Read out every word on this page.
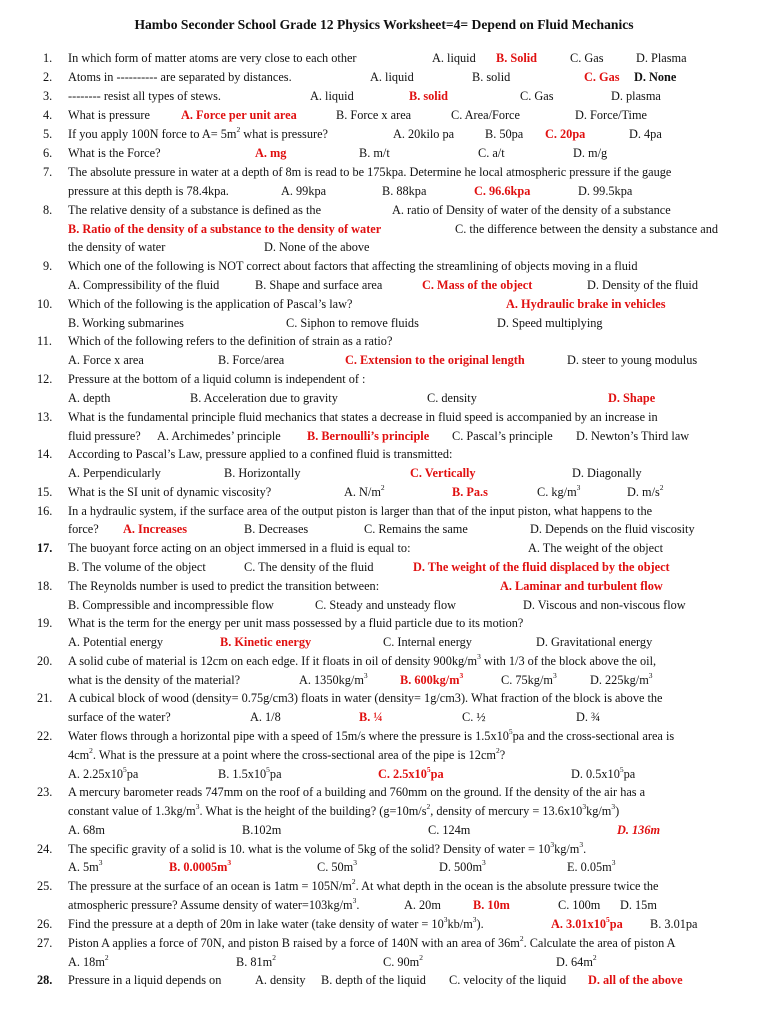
Hambo Seconder School Grade 12 Physics Worksheet=4= Depend on Fluid Mechanics
1. In which form of matter atoms are very close to each other	A. liquid B. Solid	C. Gas	D. Plasma
2. Atoms in ---------- are separated by distances.	A. liquid	B. solid	C. Gas D. None
3. -------- resist all types of stews.	A. liquid	B. solid	C. Gas	D. plasma
4. What is pressure	A. Force per unit area	B. Force x area	C. Area/Force	D. Force/Time
5. If you apply 100N force to $A= 5m^2$ what is pressure?	A. 20kilo pa	B. 50pa C. 20pa	D. 4pa
6. What is the Force?	A. mg	B. m/t	C. a/t	D. m/g
7. The absolute pressure in water at a depth of 8m is read to be 175kpa. Determine he local atmospheric pressure if the gauge
pressure at this depth is 78.4kpa.	A. 99kpa	B. 88kpa	C. 96.6kpa	D. 99.5kpa
8. The relative density of a substance is defined as the	A. ratio of Density of water of the density of a substance
B. Ratio of the density of a substance to the density of water	C. the difference between the density a substance and
the density of water	D. None of the above
9. Which one of the following is NOT correct about factors that affecting the streamlining of objects moving in a fluid
A. Compressibility of the fluid	B. Shape and surface area	C. Mass of the object	D. Density of the fluid
10. Which of the following is the application of Pascal’s law?	A. Hydraulic brake in vehicles
B. Working submarines	C. Siphon to remove fluids	D. Speed multiplying
11. Which of the following refers to the definition of strain as a ratio?
A. Force x area	B. Force/area	C. Extension to the original length	D. steer to young modulus
12. Pressure at the bottom of a liquid column is independent of :
A. depth	B. Acceleration due to gravity	C. density	D. Shape
13. What is the fundamental principle fluid mechanics that states a decrease in fluid speed is accompanied by an increase in
fluid pressure? A. Archimedes’ principle B. Bernoulli’s principle C. Pascal’s principle D. Newton’s Third law
14. According to Pascal’s Law, pressure applied to a confined fluid is transmitted:
A. Perpendicularly	B. Horizontally	C. Vertically	D. Diagonally
15. What is the SI unit of dynamic viscosity?	A. $N/m^2$	B. Pa.s	C. $kg/m^3$	D. $m/s^2$
16. In a hydraulic system, if the surface area of the output piston is larger than that of the input piston, what happens to the
force? A. Increases	B. Decreases	C. Remains the same	D. Depends on the fluid viscosity
17. The buoyant force acting on an object immersed in a fluid is equal to:	A. The weight of the object
B. The volume of the object	C. The density of the fluid	D. The weight of the fluid displaced by the object
18. The Reynolds number is used to predict the transition between:	A. Laminar and turbulent flow
B. Compressible and incompressible flow	C. Steady and unsteady flow	D. Viscous and non-viscous flow
19. What is the term for the energy per unit mass possessed by a fluid particle due to its motion?
A. Potential energy	B. Kinetic energy	C. Internal energy	D. Gravitational energy
20. A solid cube of material is 12cm on each edge. If it floats in oil of density $900kg/m^3$ with 1/3 of the block above the oil,
what is the density of the material?	A. $1350kg/m^3$	B. $600kg/m^3$	C. $75kg/m^3$	D. $225kg/m^3$
21. A cubical block of wood (density= 0.75g/cm3) floats in water (density= 1g/cm3). What fraction of the block is above the
surface of the water?	A. 1/8	B. ¼	C. ½	D. ¾
22. Water flows through a horizontal pipe with a speed of 15m/s where the pressure is $1.5x10^5pa$ and the cross-sectional area is
$4cm^2$. What is the pressure at a point where the cross-sectional area of the pipe is $12cm^2$?
A. $2.25x10^5pa$	B. $1.5x10^5pa$	C. $2.5x10^5pa$	D. $0.5x10^5pa$
23. A mercury barometer reads 747mm on the roof of a building and 760mm on the ground. If the density of the air has a
constant value of $1.3kg/m^3$. What is the height of the building? ($g=10m/s^2$, density of mercury = $13.6x10^3kg/m^3$)
A. 68m	B.102m	C. 124m	D. 136m
24. The specific gravity of a solid is 10. what is the volume of 5kg of the solid? Density of water = $10^3kg/m^3$.
A. $5m^3$	B. $0.0005m^3$	C. $50m^3$	D. $500m^3$	E. $0.05m^3$
25. The pressure at the surface of an ocean is $1atm = 105N/m^2$. At what depth in the ocean is the absolute pressure twice the
atmospheric pressure? Assume density of $water=103kg/m^3$.	A. 20m	B. 10m	C. 100m D. 15m
26. Find the pressure at a depth of 20m in lake water (take density of water = $10^3kb/m^3$).	A. $3.01x10^5pa$ B. 3.01pa
27. Piston A applies a force of 70N, and piston B raised by a force of 140N with an area of $36m^2$. Calculate the area of piston A
A. $18m^2$	B. $81m^2$	C. $90m^2$	D. $64m^2$
28. Pressure in a liquid depends on	A. density B. depth of the liquid C. velocity of the liquid D. all of the above
